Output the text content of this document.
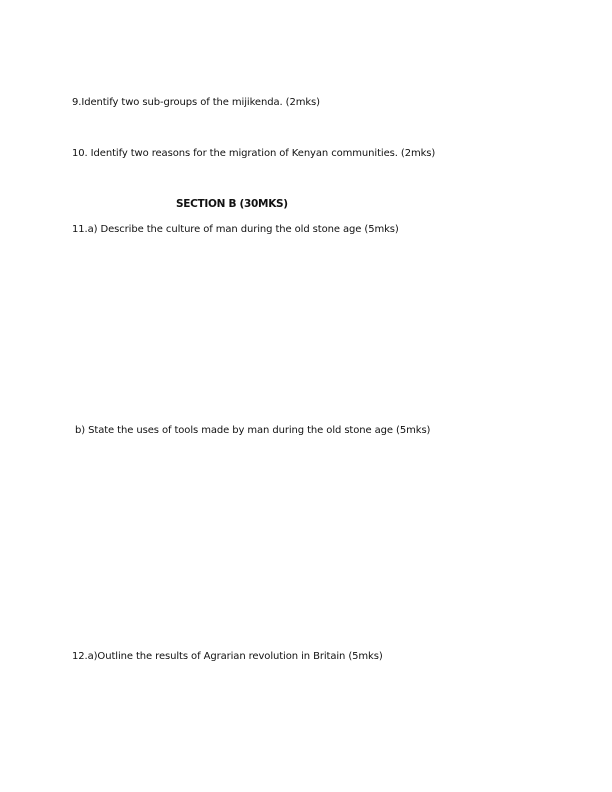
9.Identify two sub-groups of the mijikenda. (2mks)
10. Identify two reasons for the migration of Kenyan communities. (2mks)
SECTION B (30MKS)
11.a) Describe the culture of man during the old stone age (5mks)
b) State the uses of tools made by man during the old stone age (5mks)
12.a)Outline the results of Agrarian revolution in Britain (5mks)
